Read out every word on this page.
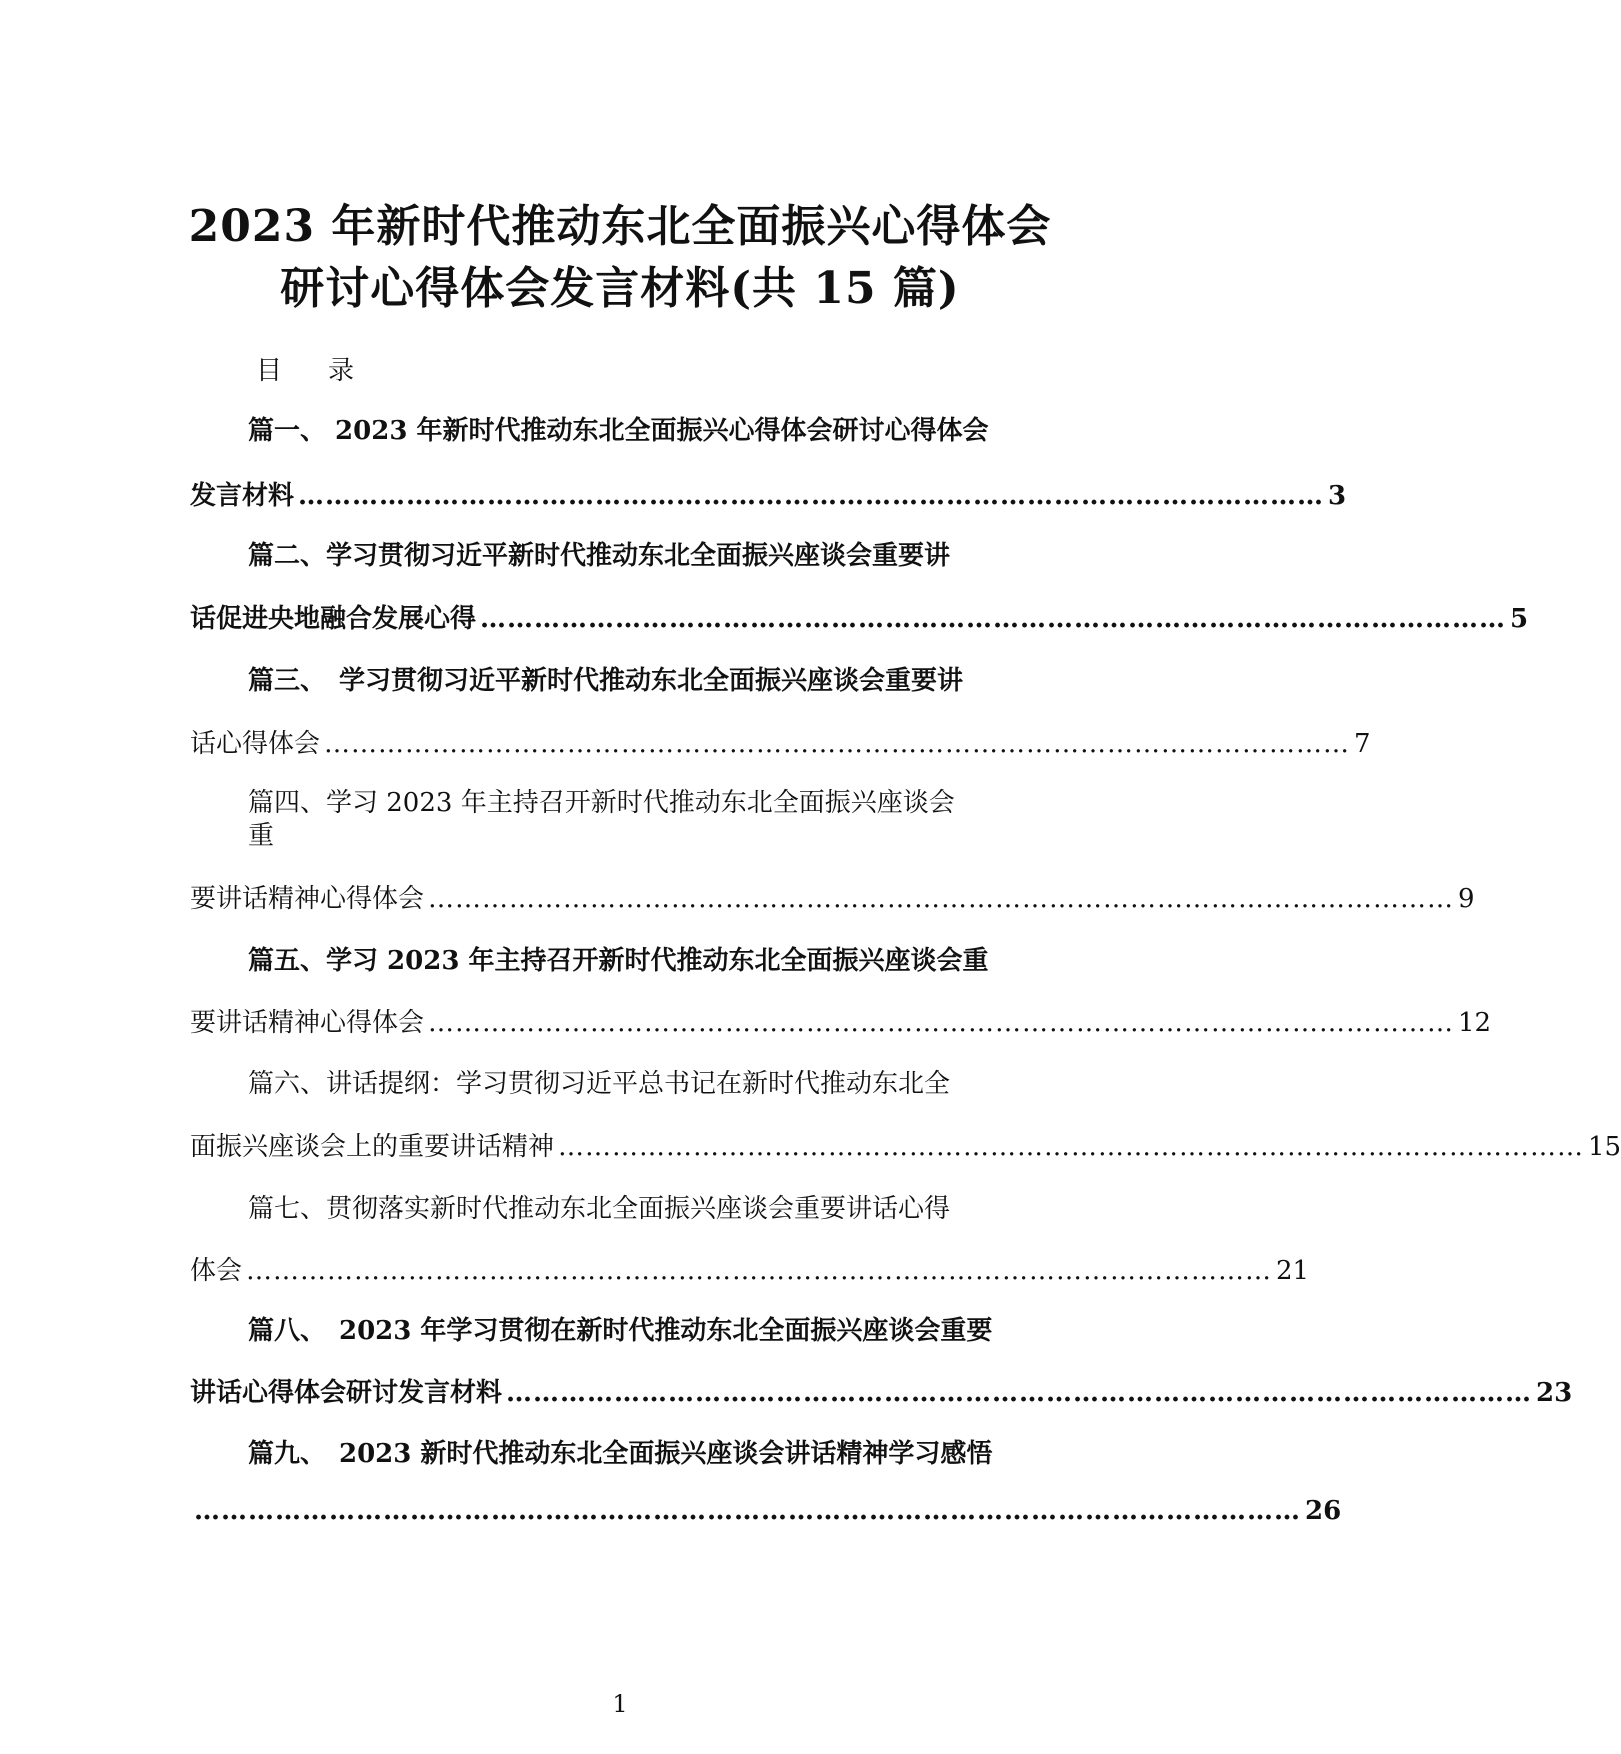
2023 年新时代推动东北全面振兴心得体会
研讨心得体会发言材料(共 15 篇)
目 录
篇一、 2023 年新时代推动东北全面振兴心得体会研讨心得体会
发言材料 …………………………………………………………………………………………………… 3
篇二、学习贯彻习近平新时代推动东北全面振兴座谈会重要讲
话促进央地融合发展心得 …………………………………………………………………………………………………… 5
篇三、　学习贯彻习近平新时代推动东北全面振兴座谈会重要讲
话心得体会 …………………………………………………………………………………………………… 7
篇四、学习 2023 年主持召开新时代推动东北全面振兴座谈会
重
要讲话精神心得体会 …………………………………………………………………………………………………… 9
篇五、学习 2023 年主持召开新时代推动东北全面振兴座谈会重
要讲话精神心得体会 …………………………………………………………………………………………………… 12
篇六、讲话提纲：学习贯彻习近平总书记在新时代推动东北全
面振兴座谈会上的重要讲话精神 …………………………………………………………………………………………………… 15
篇七、贯彻落实新时代推动东北全面振兴座谈会重要讲话心得
体会 …………………………………………………………………………………………………… 21
篇八、　2023 年学习贯彻在新时代推动东北全面振兴座谈会重要
讲话心得体会研讨发言材料 …………………………………………………………………………………………………… 23
篇九、　2023 新时代推动东北全面振兴座谈会讲话精神学习感悟
…………………………………………………………………………………………………………… 26
1
